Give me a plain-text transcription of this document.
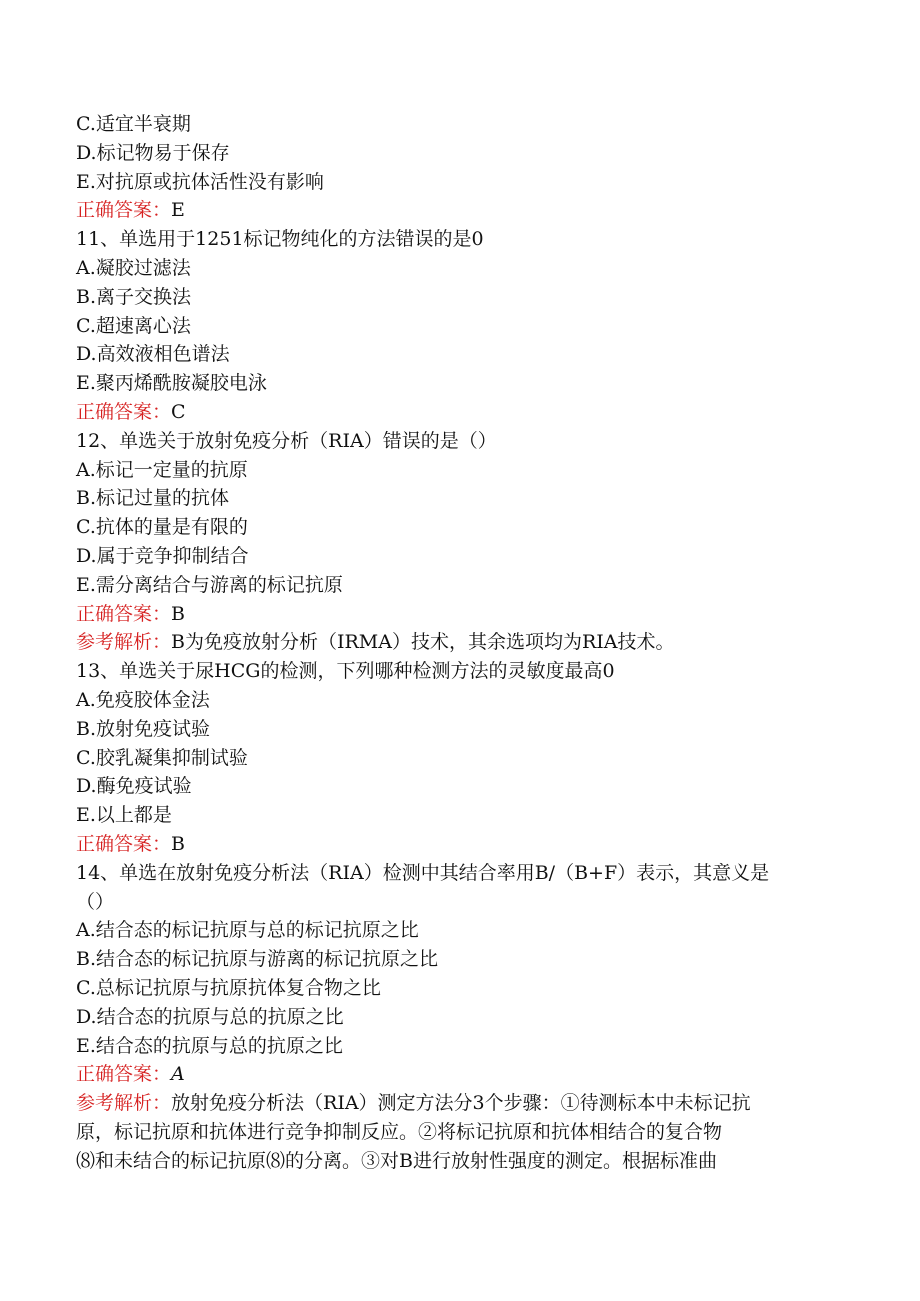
C.适宜半衰期
D.标记物易于保存
E.对抗原或抗体活性没有影响
正确答案：E
11、单选用于1251标记物纯化的方法错误的是0
A.凝胶过滤法
B.离子交换法
C.超速离心法
D.高效液相色谱法
E.聚丙烯酰胺凝胶电泳
正确答案：C
12、单选关于放射免疫分析（RIA）错误的是（）
A.标记一定量的抗原
B.标记过量的抗体
C.抗体的量是有限的
D.属于竞争抑制结合
E.需分离结合与游离的标记抗原
正确答案：B
参考解析：B为免疫放射分析（IRMA）技术，其余选项均为RIA技术。
13、单选关于尿HCG的检测，下列哪种检测方法的灵敏度最高0
A.免疫胶体金法
B.放射免疫试验
C.胶乳凝集抑制试验
D.酶免疫试验
E.以上都是
正确答案：B
14、单选在放射免疫分析法（RIA）检测中其结合率用B/（B+F）表示，其意义是
（）
A.结合态的标记抗原与总的标记抗原之比
B.结合态的标记抗原与游离的标记抗原之比
C.总标记抗原与抗原抗体复合物之比
D.结合态的抗原与总的抗原之比
E.结合态的抗原与总的抗原之比
正确答案：A
参考解析：放射免疫分析法（RIA）测定方法分3个步骤：①待测标本中未标记抗
原，标记抗原和抗体进行竞争抑制反应。②将标记抗原和抗体相结合的复合物
⑻和未结合的标记抗原⑻的分离。③对B进行放射性强度的测定。根据标准曲
